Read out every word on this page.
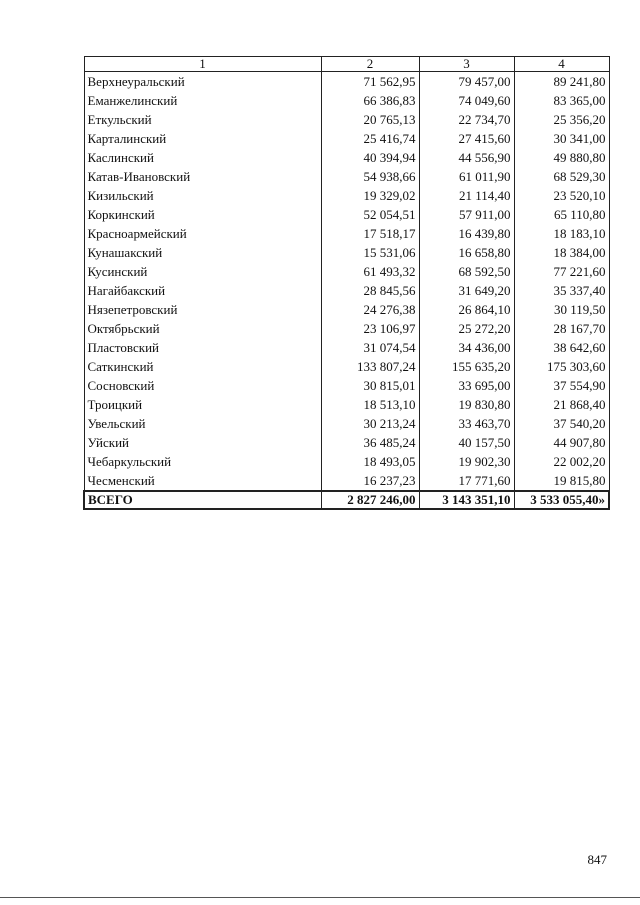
1	2	3	4
Верхнеуральский	71 562,95	79 457,00	89 241,80
Еманжелинский	66 386,83	74 049,60	83 365,00
Еткульский	20 765,13	22 734,70	25 356,20
Карталинский	25 416,74	27 415,60	30 341,00
Каслинский	40 394,94	44 556,90	49 880,80
Катав-Ивановский	54 938,66	61 011,90	68 529,30
Кизильский	19 329,02	21 114,40	23 520,10
Коркинский	52 054,51	57 911,00	65 110,80
Красноармейский	17 518,17	16 439,80	18 183,10
Кунашакский	15 531,06	16 658,80	18 384,00
Кусинский	61 493,32	68 592,50	77 221,60
Нагайбакский	28 845,56	31 649,20	35 337,40
Нязепетровский	24 276,38	26 864,10	30 119,50
Октябрьский	23 106,97	25 272,20	28 167,70
Пластовский	31 074,54	34 436,00	38 642,60
Саткинский	133 807,24	155 635,20	175 303,60
Сосновский	30 815,01	33 695,00	37 554,90
Троицкий	18 513,10	19 830,80	21 868,40
Увельский	30 213,24	33 463,70	37 540,20
Уйский	36 485,24	40 157,50	44 907,80
Чебаркульский	18 493,05	19 902,30	22 002,20
Чесменский	16 237,23	17 771,60	19 815,80
ВСЕГО	2 827 246,00	3 143 351,10	3 533 055,40»
847
